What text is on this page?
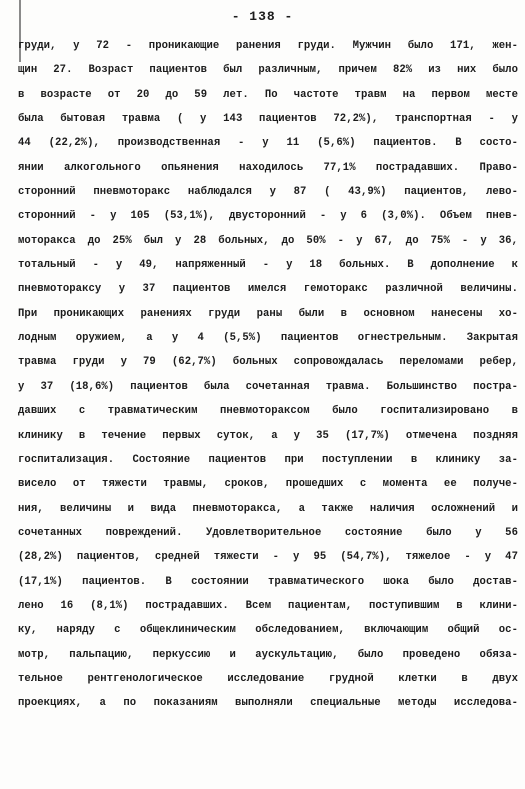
- 138 -
груди, у 72 - проникающие ранения груди. Мужчин было 171, жен-
щин 27. Возраст пациентов был различным, причем 82% из них было
в возрасте от 20 до 59 лет. По частоте травм на первом месте
была бытовая травма ( у 143 пациентов 72,2%), транспортная - у
44 (22,2%), производственная - у 11 (5,6%) пациентов. В состо-
янии алкогольного опьянения находилось 77,1% пострадавших. Право-
сторонний пневмоторакс наблюдался у 87 ( 43,9%) пациентов, лево-
сторонний - у 105 (53,1%), двусторонний - у 6 (3,0%). Объем пнев-
моторакса до 25% был у 28 больных, до 50% - у 67, до 75% - у 36,
тотальный - у 49, напряженный - у 18 больных. В дополнение к
пневмотораксу у 37 пациентов имелся гемоторакс различной величины.
При проникающих ранениях груди раны были в основном нанесены хо-
лодным оружием, а у 4 (5,5%) пациентов огнестрельным. Закрытая
травма груди у 79 (62,7%) больных сопровождалась переломами ребер,
у 37 (18,6%) пациентов была сочетанная травма. Большинство постра-
давших с травматическим пневмотораксом было госпитализировано в
клинику в течение первых суток, а у 35 (17,7%) отмечена поздняя
госпитализация. Состояние пациентов при поступлении в клинику за-
висело от тяжести травмы, сроков, прошедших с момента ее получе-
ния, величины и вида пневмоторакса, а также наличия осложнений и
сочетанных повреждений. Удовлетворительное состояние было у 56
(28,2%) пациентов, средней тяжести - у 95 (54,7%), тяжелое - у 47
(17,1%) пациентов. В состоянии травматического шока было достав-
лено 16 (8,1%) пострадавших. Всем пациентам, поступившим в клини-
ку, наряду с общеклиническим обследованием, включающим общий ос-
мотр, пальпацию, перкуссию и аускультацию, было проведено обяза-
тельное рентгенологическое исследование грудной клетки в двух
проекциях, а по показаниям выполняли специальные методы исследова-
